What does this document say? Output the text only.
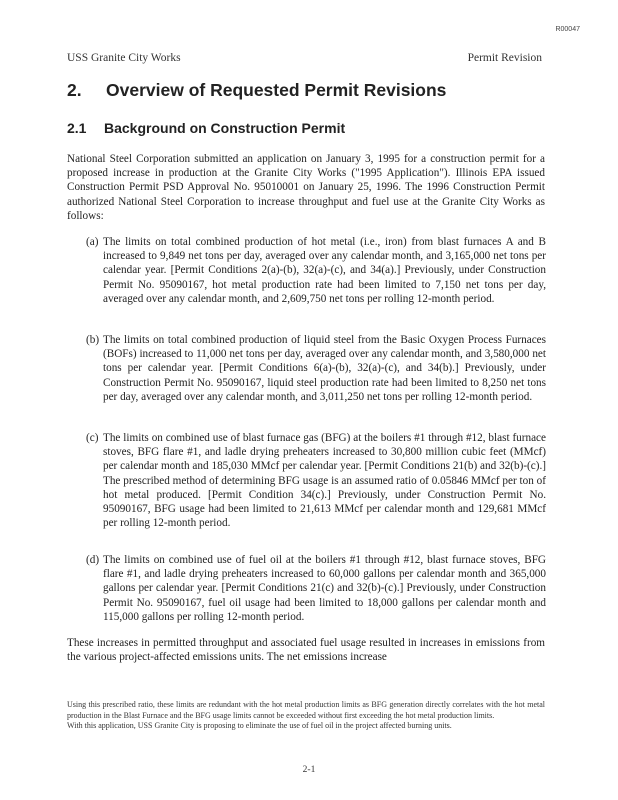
R00047
USS Granite City Works	Permit Revision
2. Overview of Requested Permit Revisions
2.1 Background on Construction Permit
National Steel Corporation submitted an application on January 3, 1995 for a construction permit for a proposed increase in production at the Granite City Works ("1995 Application"). Illinois EPA issued Construction Permit PSD Approval No. 95010001 on January 25, 1996. The 1996 Construction Permit authorized National Steel Corporation to increase throughput and fuel use at the Granite City Works as follows:
(a) The limits on total combined production of hot metal (i.e., iron) from blast furnaces A and B increased to 9,849 net tons per day, averaged over any calendar month, and 3,165,000 net tons per calendar year. [Permit Conditions 2(a)-(b), 32(a)-(c), and 34(a).] Previously, under Construction Permit No. 95090167, hot metal production rate had been limited to 7,150 net tons per day, averaged over any calendar month, and 2,609,750 net tons per rolling 12-month period.
(b) The limits on total combined production of liquid steel from the Basic Oxygen Process Furnaces (BOFs) increased to 11,000 net tons per day, averaged over any calendar month, and 3,580,000 net tons per calendar year. [Permit Conditions 6(a)-(b), 32(a)-(c), and 34(b).] Previously, under Construction Permit No. 95090167, liquid steel production rate had been limited to 8,250 net tons per day, averaged over any calendar month, and 3,011,250 net tons per rolling 12-month period.
(c) The limits on combined use of blast furnace gas (BFG) at the boilers #1 through #12, blast furnace stoves, BFG flare #1, and ladle drying preheaters increased to 30,800 million cubic feet (MMcf) per calendar month and 185,030 MMcf per calendar year. [Permit Conditions 21(b) and 32(b)-(c).] The prescribed method of determining BFG usage is an assumed ratio of 0.05846 MMcf per ton of hot metal produced. [Permit Condition 34(c).] Previously, under Construction Permit No. 95090167, BFG usage had been limited to 21,613 MMcf per calendar month and 129,681 MMcf per rolling 12-month period.
(d) The limits on combined use of fuel oil at the boilers #1 through #12, blast furnace stoves, BFG flare #1, and ladle drying preheaters increased to 60,000 gallons per calendar month and 365,000 gallons per calendar year. [Permit Conditions 21(c) and 32(b)-(c).] Previously, under Construction Permit No. 95090167, fuel oil usage had been limited to 18,000 gallons per calendar month and 115,000 gallons per rolling 12-month period.
These increases in permitted throughput and associated fuel usage resulted in increases in emissions from the various project-affected emissions units. The net emissions increase

Using this prescribed ratio, these limits are redundant with the hot metal production limits as BFG generation directly correlates with the hot metal production in the Blast Furnace and the BFG usage limits cannot be exceeded without first exceeding the hot metal production limits.

With this application, USS Granite City is proposing to eliminate the use of fuel oil in the project affected burning units.

2-1
